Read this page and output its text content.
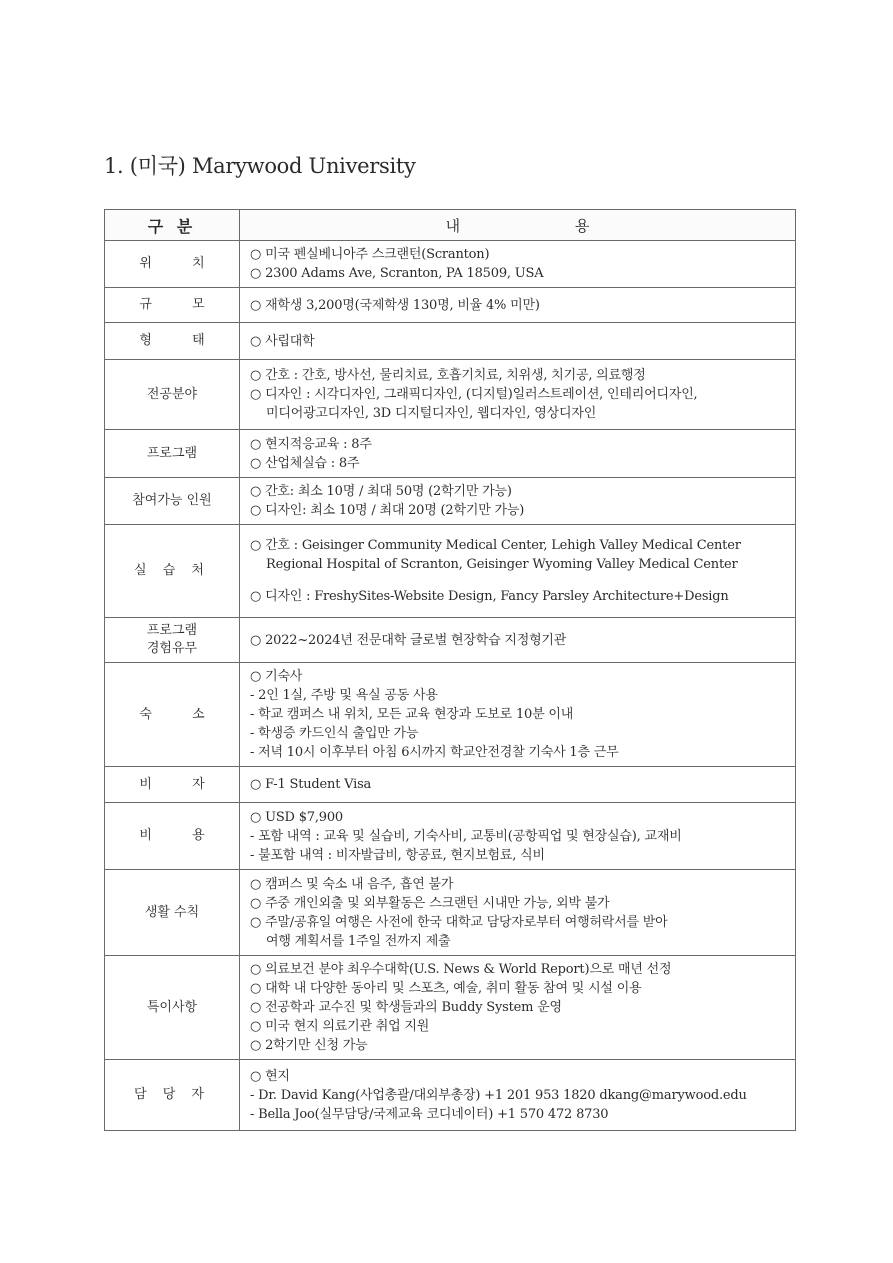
1. (미국) Marywood University
구 분	내 용
위 치	○ 미국 펜실베니아주 스크랜턴(Scranton)
○ 2300 Adams Ave, Scranton, PA 18509, USA

규 모	○ 재학생 3,200명(국제학생 130명, 비율 4% 미만)

형 태	○ 사립대학

전공분야	○ 간호 : 간호, 방사선, 물리치료, 호흡기치료, 치위생, 치기공, 의료행정
○ 디자인 : 시각디자인, 그래픽디자인, (디지털)일러스트레이션, 인테리어디자인,
미디어광고디자인, 3D 디지털디자인, 웹디자인, 영상디자인

프로그램	○ 현지적응교육 : 8주
○ 산업체실습 : 8주

참여가능 인원	○ 간호: 최소 10명 / 최대 50명 (2학기만 가능)
○ 디자인: 최소 10명 / 최대 20명 (2학기만 가능)

실 습 처	○ 간호 : Geisinger Community Medical Center, Lehigh Valley Medical Center
Regional Hospital of Scranton, Geisinger Wyoming Valley Medical Center
○ 디자인 : FreshySites-Website Design, Fancy Parsley Architecture+Design

프로그램
경험유무	○ 2022~2024년 전문대학 글로벌 현장학습 지정형기관

숙 소	○ 기숙사
- 2인 1실, 주방 및 욕실 공동 사용
- 학교 캠퍼스 내 위치, 모든 교육 현장과 도보로 10분 이내
- 학생증 카드인식 출입만 가능
- 저녁 10시 이후부터 아침 6시까지 학교안전경찰 기숙사 1층 근무

비 자	○ F-1 Student Visa

비 용	○ USD $7,900
- 포함 내역 : 교육 및 실습비, 기숙사비, 교통비(공항픽업 및 현장실습), 교재비
- 불포함 내역 : 비자발급비, 항공료, 현지보험료, 식비

생활 수칙	○ 캠퍼스 및 숙소 내 음주, 흡연 불가
○ 주중 개인외출 및 외부활동은 스크랜턴 시내만 가능, 외박 불가
○ 주말/공휴일 여행은 사전에 한국 대학교 담당자로부터 여행허락서를 받아
여행 계획서를 1주일 전까지 제출

특이사항	○ 의료보건 분야 최우수대학(U.S. News & World Report)으로 매년 선정
○ 대학 내 다양한 동아리 및 스포츠, 예술, 취미 활동 참여 및 시설 이용
○ 전공학과 교수진 및 학생들과의 Buddy System 운영
○ 미국 현지 의료기관 취업 지원
○ 2학기만 신청 가능

담 당 자	○ 현지
- Dr. David Kang(사업총괄/대외부총장) +1 201 953 1820 dkang@marywood.edu
- Bella Joo(실무담당/국제교육 코디네이터) +1 570 472 8730
